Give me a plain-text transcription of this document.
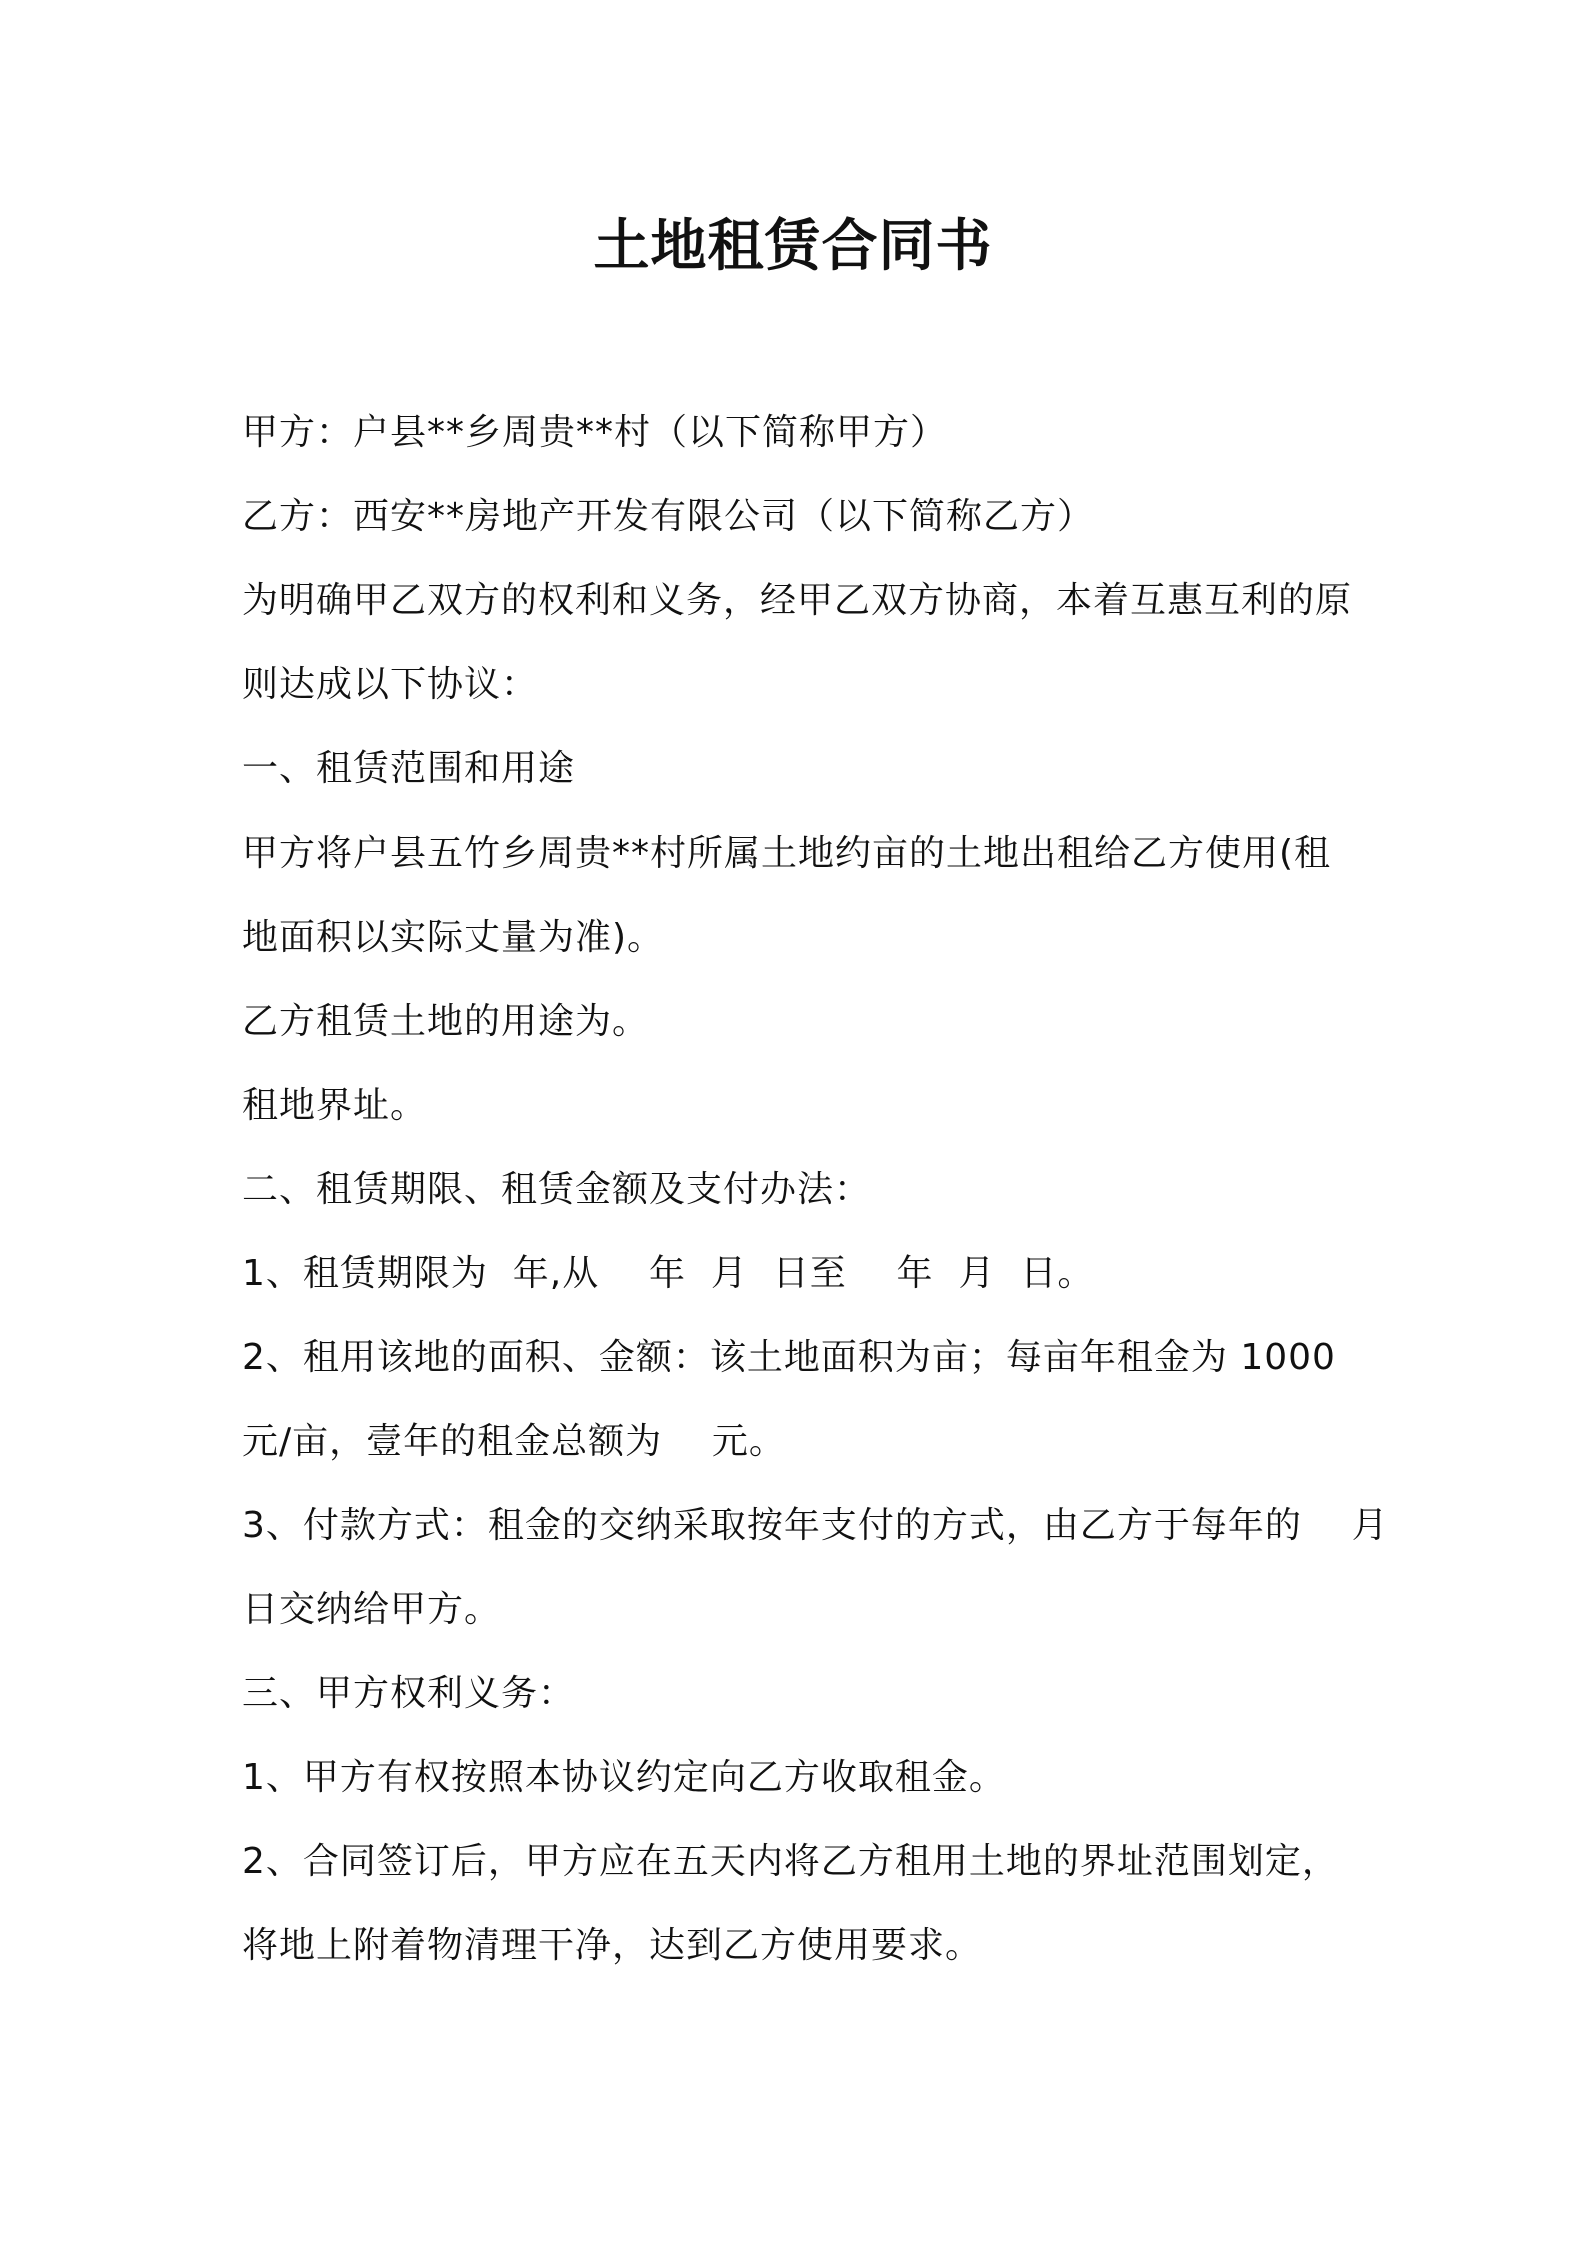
土地租赁合同书
甲方：户县**乡周贵**村（以下简称甲方）
乙方：西安**房地产开发有限公司（以下简称乙方）
为明确甲乙双方的权利和义务，经甲乙双方协商，本着互惠互利的原
则达成以下协议：
一、租赁范围和用途
甲方将户县五竹乡周贵**村所属土地约亩的土地出租给乙方使用(租
地面积以实际丈量为准)。
乙方租赁土地的用途为。
租地界址。
二、租赁期限、租赁金额及支付办法：
1、租赁期限为  年,从    年  月  日至    年  月  日。
2、租用该地的面积、金额：该土地面积为亩；每亩年租金为 1000
元/亩，壹年的租金总额为    元。
3、付款方式：租金的交纳采取按年支付的方式，由乙方于每年的    月
日交纳给甲方。
三、甲方权利义务：
1、甲方有权按照本协议约定向乙方收取租金。
2、合同签订后，甲方应在五天内将乙方租用土地的界址范围划定，
将地上附着物清理干净，达到乙方使用要求。
